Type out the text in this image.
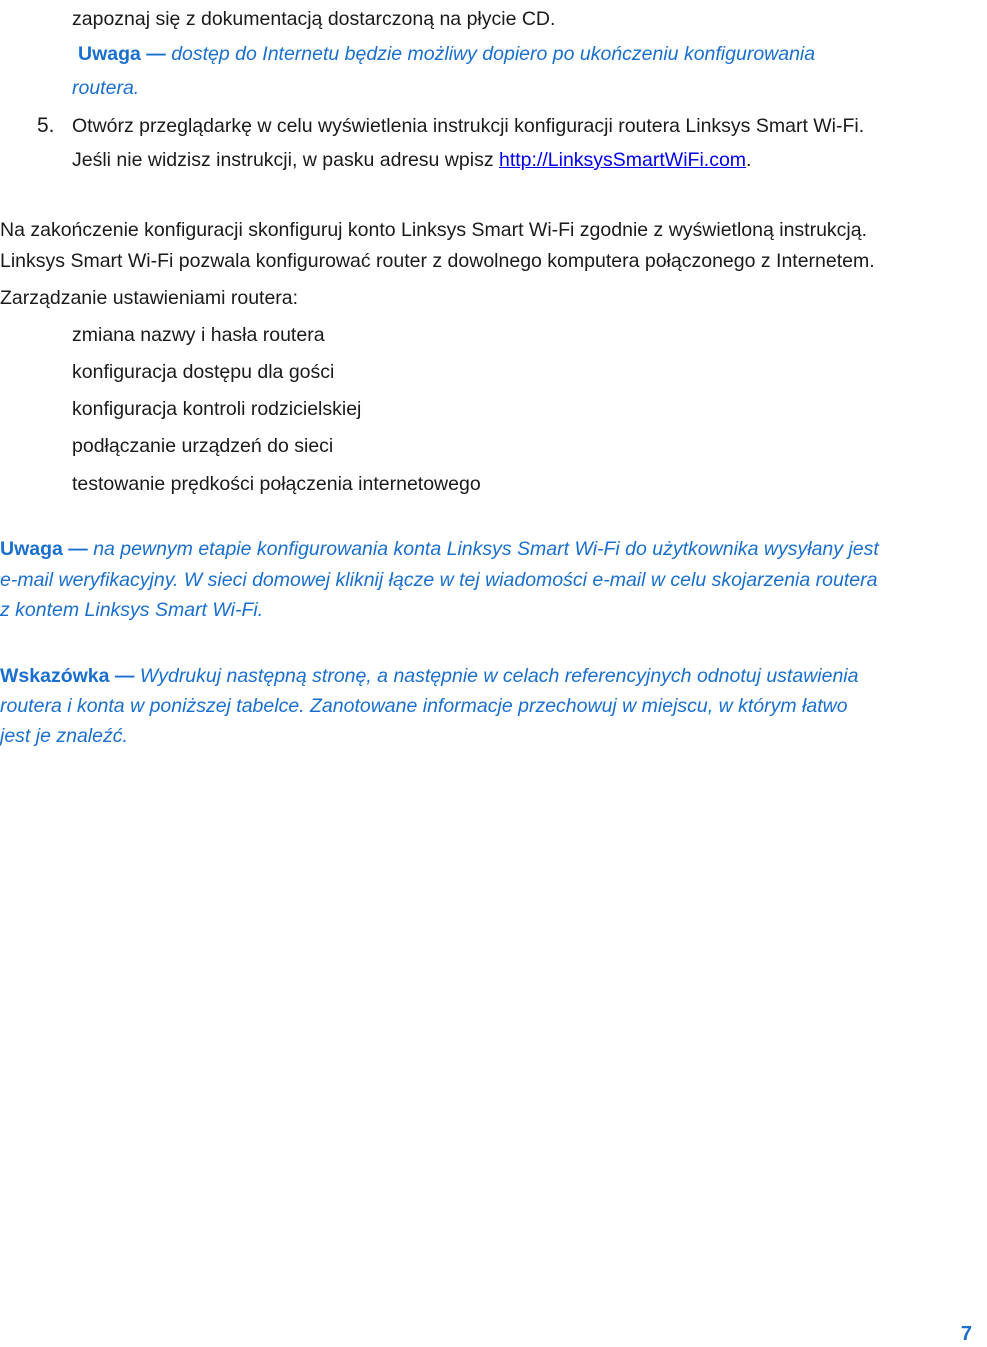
zapoznaj się z dokumentacją dostarczoną na płycie CD.
Uwaga — dostęp do Internetu będzie możliwy dopiero po ukończeniu konfigurowania
routera.
5. Otwórz przeglądarkę w celu wyświetlenia instrukcji konfiguracji routera Linksys Smart Wi-Fi.
Jeśli nie widzisz instrukcji, w pasku adresu wpisz http://LinksysSmartWiFi.com.
Na zakończenie konfiguracji skonfiguruj konto Linksys Smart Wi-Fi zgodnie z wyświetloną instrukcją.
Linksys Smart Wi-Fi pozwala konfigurować router z dowolnego komputera połączonego z Internetem.
Zarządzanie ustawieniami routera:
zmiana nazwy i hasła routera
konfiguracja dostępu dla gości
konfiguracja kontroli rodzicielskiej
podłączanie urządzeń do sieci
testowanie prędkości połączenia internetowego
Uwaga — na pewnym etapie konfigurowania konta Linksys Smart Wi-Fi do użytkownika wysyłany jest
e-mail weryfikacyjny. W sieci domowej kliknij łącze w tej wiadomości e-mail w celu skojarzenia routera
z kontem Linksys Smart Wi-Fi.
Wskazówka — Wydrukuj następną stronę, a następnie w celach referencyjnych odnotuj ustawienia
routera i konta w poniższej tabelce. Zanotowane informacje przechowuj w miejscu, w którym łatwo
jest je znaleźć.
7
